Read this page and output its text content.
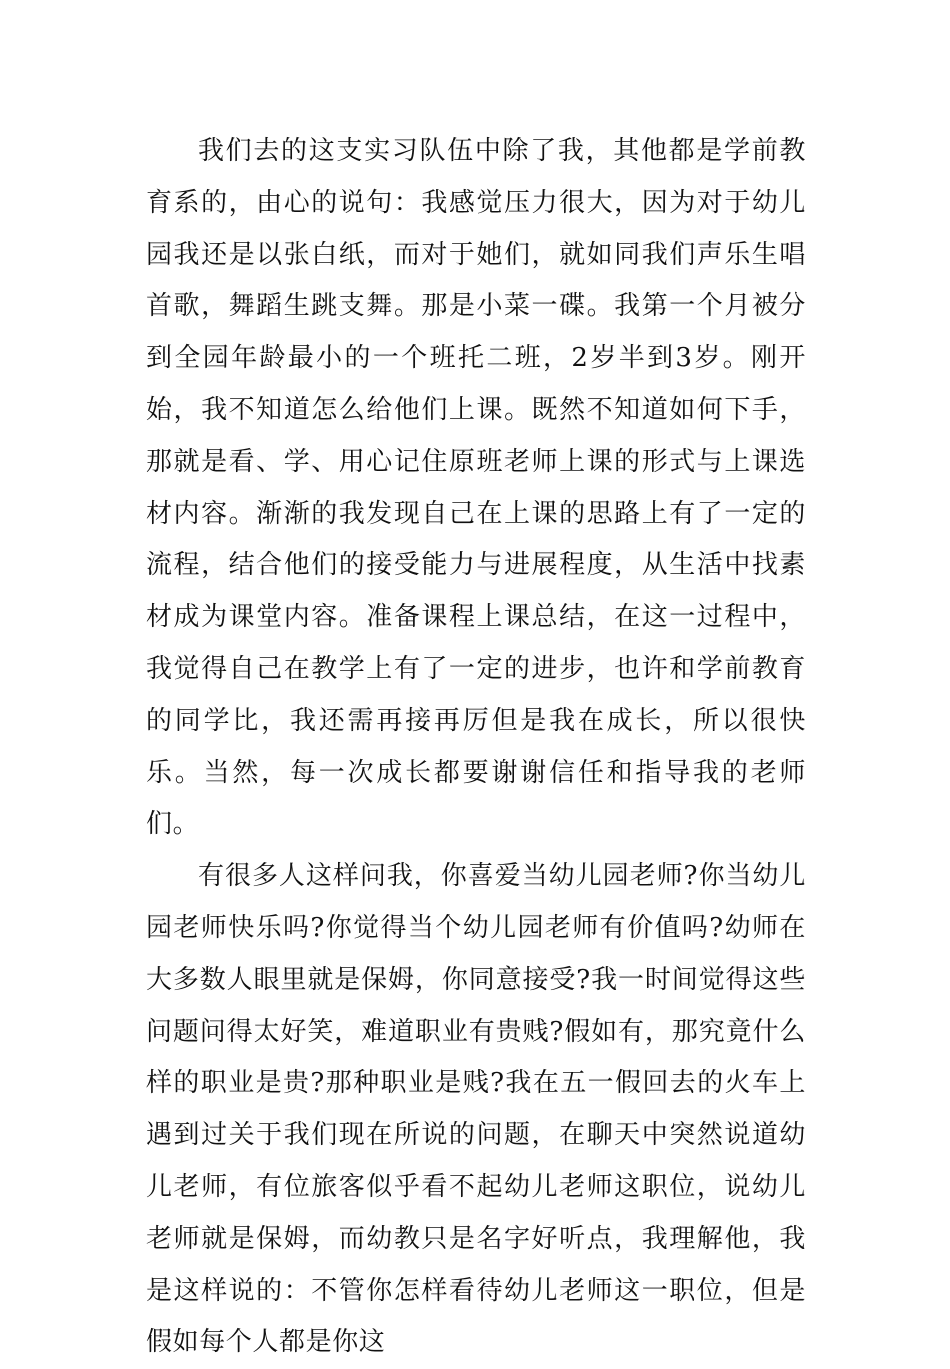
我们去的这支实习队伍中除了我，其他都是学前教育系的，由心的说句：我感觉压力很大，因为对于幼儿园我还是以张白纸，而对于她们，就如同我们声乐生唱首歌，舞蹈生跳支舞。那是小菜一碟。我第一个月被分到全园年龄最小的一个班托二班，2岁半到3岁。刚开始，我不知道怎么给他们上课。既然不知道如何下手，那就是看、学、用心记住原班老师上课的形式与上课选材内容。渐渐的我发现自己在上课的思路上有了一定的流程，结合他们的接受能力与进展程度，从生活中找素材成为课堂内容。准备课程上课总结，在这一过程中，我觉得自己在教学上有了一定的进步，也许和学前教育的同学比，我还需再接再厉但是我在成长，所以很快乐。当然，每一次成长都要谢谢信任和指导我的老师们。

有很多人这样问我，你喜爱当幼儿园老师?你当幼儿园老师快乐吗?你觉得当个幼儿园老师有价值吗?幼师在大多数人眼里就是保姆，你同意接受?我一时间觉得这些问题问得太好笑，难道职业有贵贱?假如有，那究竟什么样的职业是贵?那种职业是贱?我在五一假回去的火车上遇到过关于我们现在所说的问题，在聊天中突然说道幼儿老师，有位旅客似乎看不起幼儿老师这职位，说幼儿老师就是保姆，而幼教只是名字好听点，我理解他，我是这样说的：不管你怎样看待幼儿老师这一职位，但是假如每个人都是你这
